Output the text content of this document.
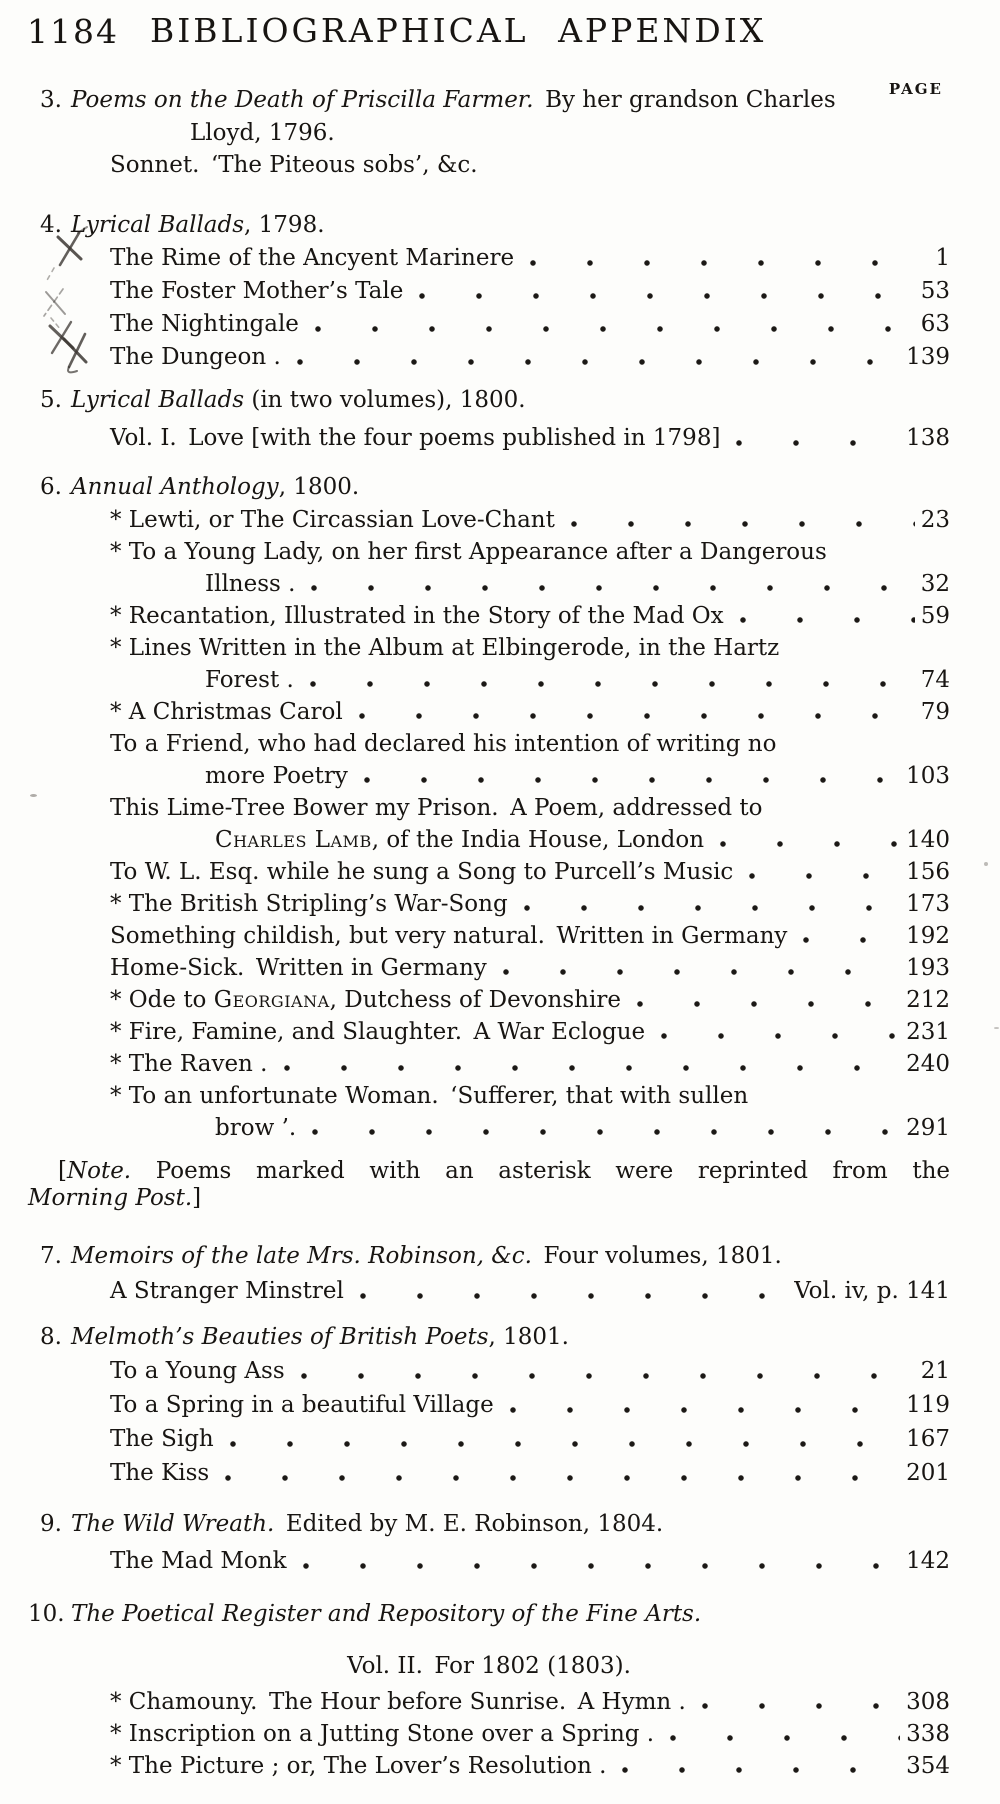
1184 BIBLIOGRAPHICAL APPENDIX
PAGE
3. Poems on the Death of Priscilla Farmer. By her grandson Charles
Lloyd, 1796.
Sonnet. ‘The Piteous sobs’, &c.
4. Lyrical Ballads, 1798.
The Rime of the Ancyent Marinere	1
The Foster Mother’s Tale	53
The Nightingale	63
The Dungeon .	139
5. Lyrical Ballads (in two volumes), 1800.
Vol. I. Love [with the four poems published in 1798]	138
6. Annual Anthology, 1800.
* Lewti, or The Circassian Love-Chant	23
* To a Young Lady, on her first Appearance after a Dangerous
Illness .	32
* Recantation, Illustrated in the Story of the Mad Ox	59
* Lines Written in the Album at Elbingerode, in the Hartz
Forest .	74
* A Christmas Carol	79
To a Friend, who had declared his intention of writing no
more Poetry	103
This Lime-Tree Bower my Prison. A Poem, addressed to
Charles Lamb, of the India House, London	140
To W. L. Esq. while he sung a Song to Purcell’s Music	156
* The British Stripling’s War-Song	173
Something childish, but very natural. Written in Germany	192
Home-Sick. Written in Germany	193
* Ode to Georgiana, Dutchess of Devonshire	212
* Fire, Famine, and Slaughter. A War Eclogue	231
* The Raven .	240
* To an unfortunate Woman. ‘Sufferer, that with sullen
brow ’.	291
[Note. Poems marked with an asterisk were reprinted from the
Morning Post.]
7. Memoirs of the late Mrs. Robinson, &c. Four volumes, 1801.
A Stranger Minstrel	Vol. iv, p. 141
8. Melmoth’s Beauties of British Poets, 1801.
To a Young Ass	21
To a Spring in a beautiful Village	119
The Sigh	167
The Kiss	201
9. The Wild Wreath. Edited by M. E. Robinson, 1804.
The Mad Monk	142
10. The Poetical Register and Repository of the Fine Arts.
Vol. II. For 1802 (1803).
* Chamouny. The Hour before Sunrise. A Hymn .	308
* Inscription on a Jutting Stone over a Spring .	338
* The Picture ; or, The Lover’s Resolution .	354
